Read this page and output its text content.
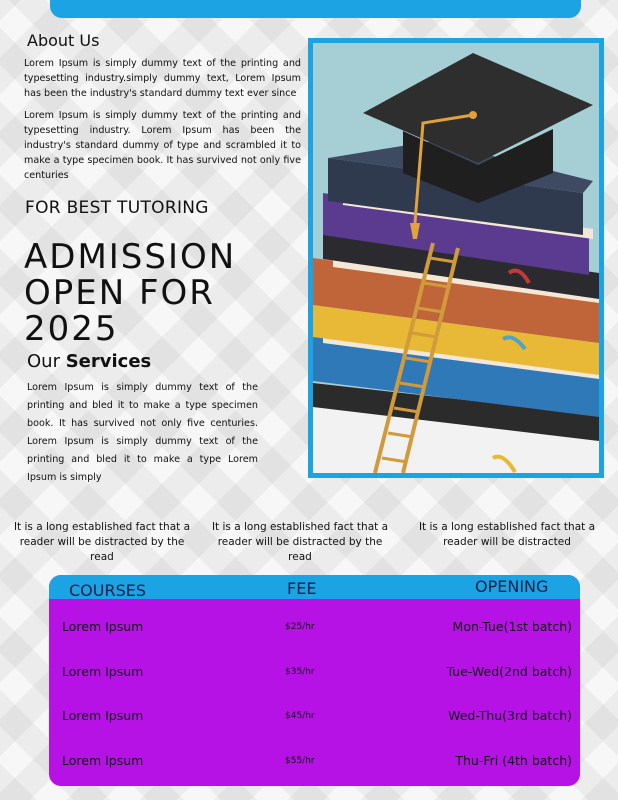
About Us

Lorem Ipsum is simply dummy text of the printing and typesetting industry.simply dummy text, Lorem Ipsum has been the industry's standard dummy text ever since

Lorem Ipsum is simply dummy text of the printing and typesetting industry. Lorem Ipsum has been the industry's standard dummy of type and scrambled it to make a type specimen book. It has survived not only five centuries

FOR BEST TUTORING
ADMISSION OPEN FOR 2025
Our Services

Lorem Ipsum is simply dummy text of the printing and bled it to make a type specimen book. It has survived not only five centuries. Lorem Ipsum is simply dummy text of the printing and bled it to make a type Lorem Ipsum is simply

It is a long established fact that a reader will be distracted by the read

It is a long established fact that a reader will be distracted by the read

It is a long established fact that a reader will be distracted

COURSES	FEE	OPENING
Lorem Ipsum	$25/hr	Mon-Tue(1st batch)
Lorem Ipsum	$35/hr	Tue-Wed(2nd batch)
Lorem Ipsum	$45/hr	Wed-Thu(3rd batch)
Lorem Ipsum	$55/hr	Thu-Fri (4th batch)
